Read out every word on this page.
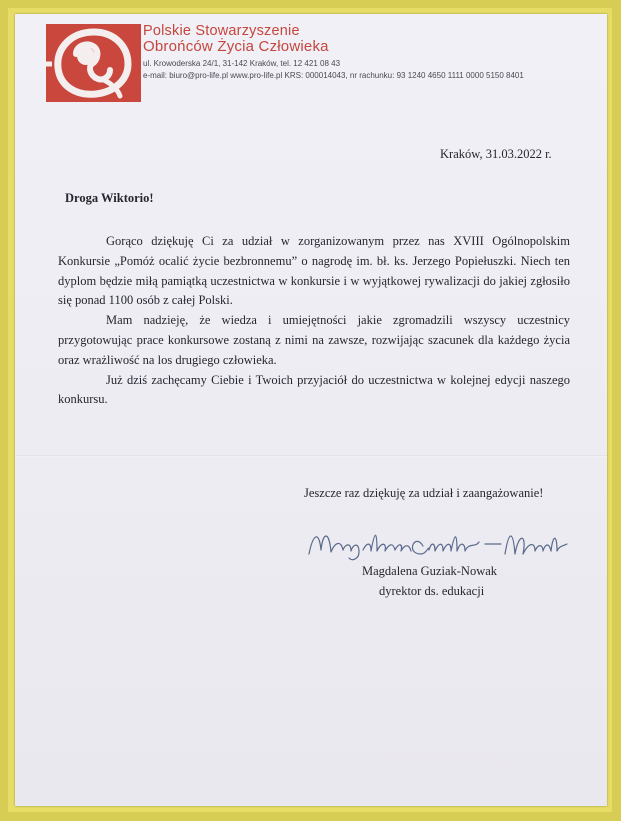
Polskie Stowarzyszenie
Obrońców Życia Człowieka
ul. Krowoderska 24/1, 31-142 Kraków, tel. 12 421 08 43
e-mail: biuro@pro-life.pl www.pro-life.pl KRS: 000014043, nr rachunku: 93 1240 4650 1111 0000 5150 8401
Kraków, 31.03.2022 r.
Droga Wiktorio!

Gorąco dziękuję Ci za udział w zorganizowanym przez nas XVIII Ogólnopolskim Konkursie „Pomóż ocalić życie bezbronnemu” o nagrodę im. bł. ks. Jerzego Popiełuszki. Niech ten dyplom będzie miłą pamiątką uczestnictwa w konkursie i w wyjątkowej rywalizacji do jakiej zgłosiło się ponad 1100 osób z całej Polski.

Mam nadzieję, że wiedza i umiejętności jakie zgromadzili wszyscy uczestnicy przygotowując prace konkursowe zostaną z nimi na zawsze, rozwijając szacunek dla każdego życia oraz wrażliwość na los drugiego człowieka.

Już dziś zachęcamy Ciebie i Twoich przyjaciół do uczestnictwa w kolejnej edycji naszego konkursu.

Jeszcze raz dziękuję za udział i zaangażowanie!
Magdalena Guziak-Nowak
dyrektor ds. edukacji
